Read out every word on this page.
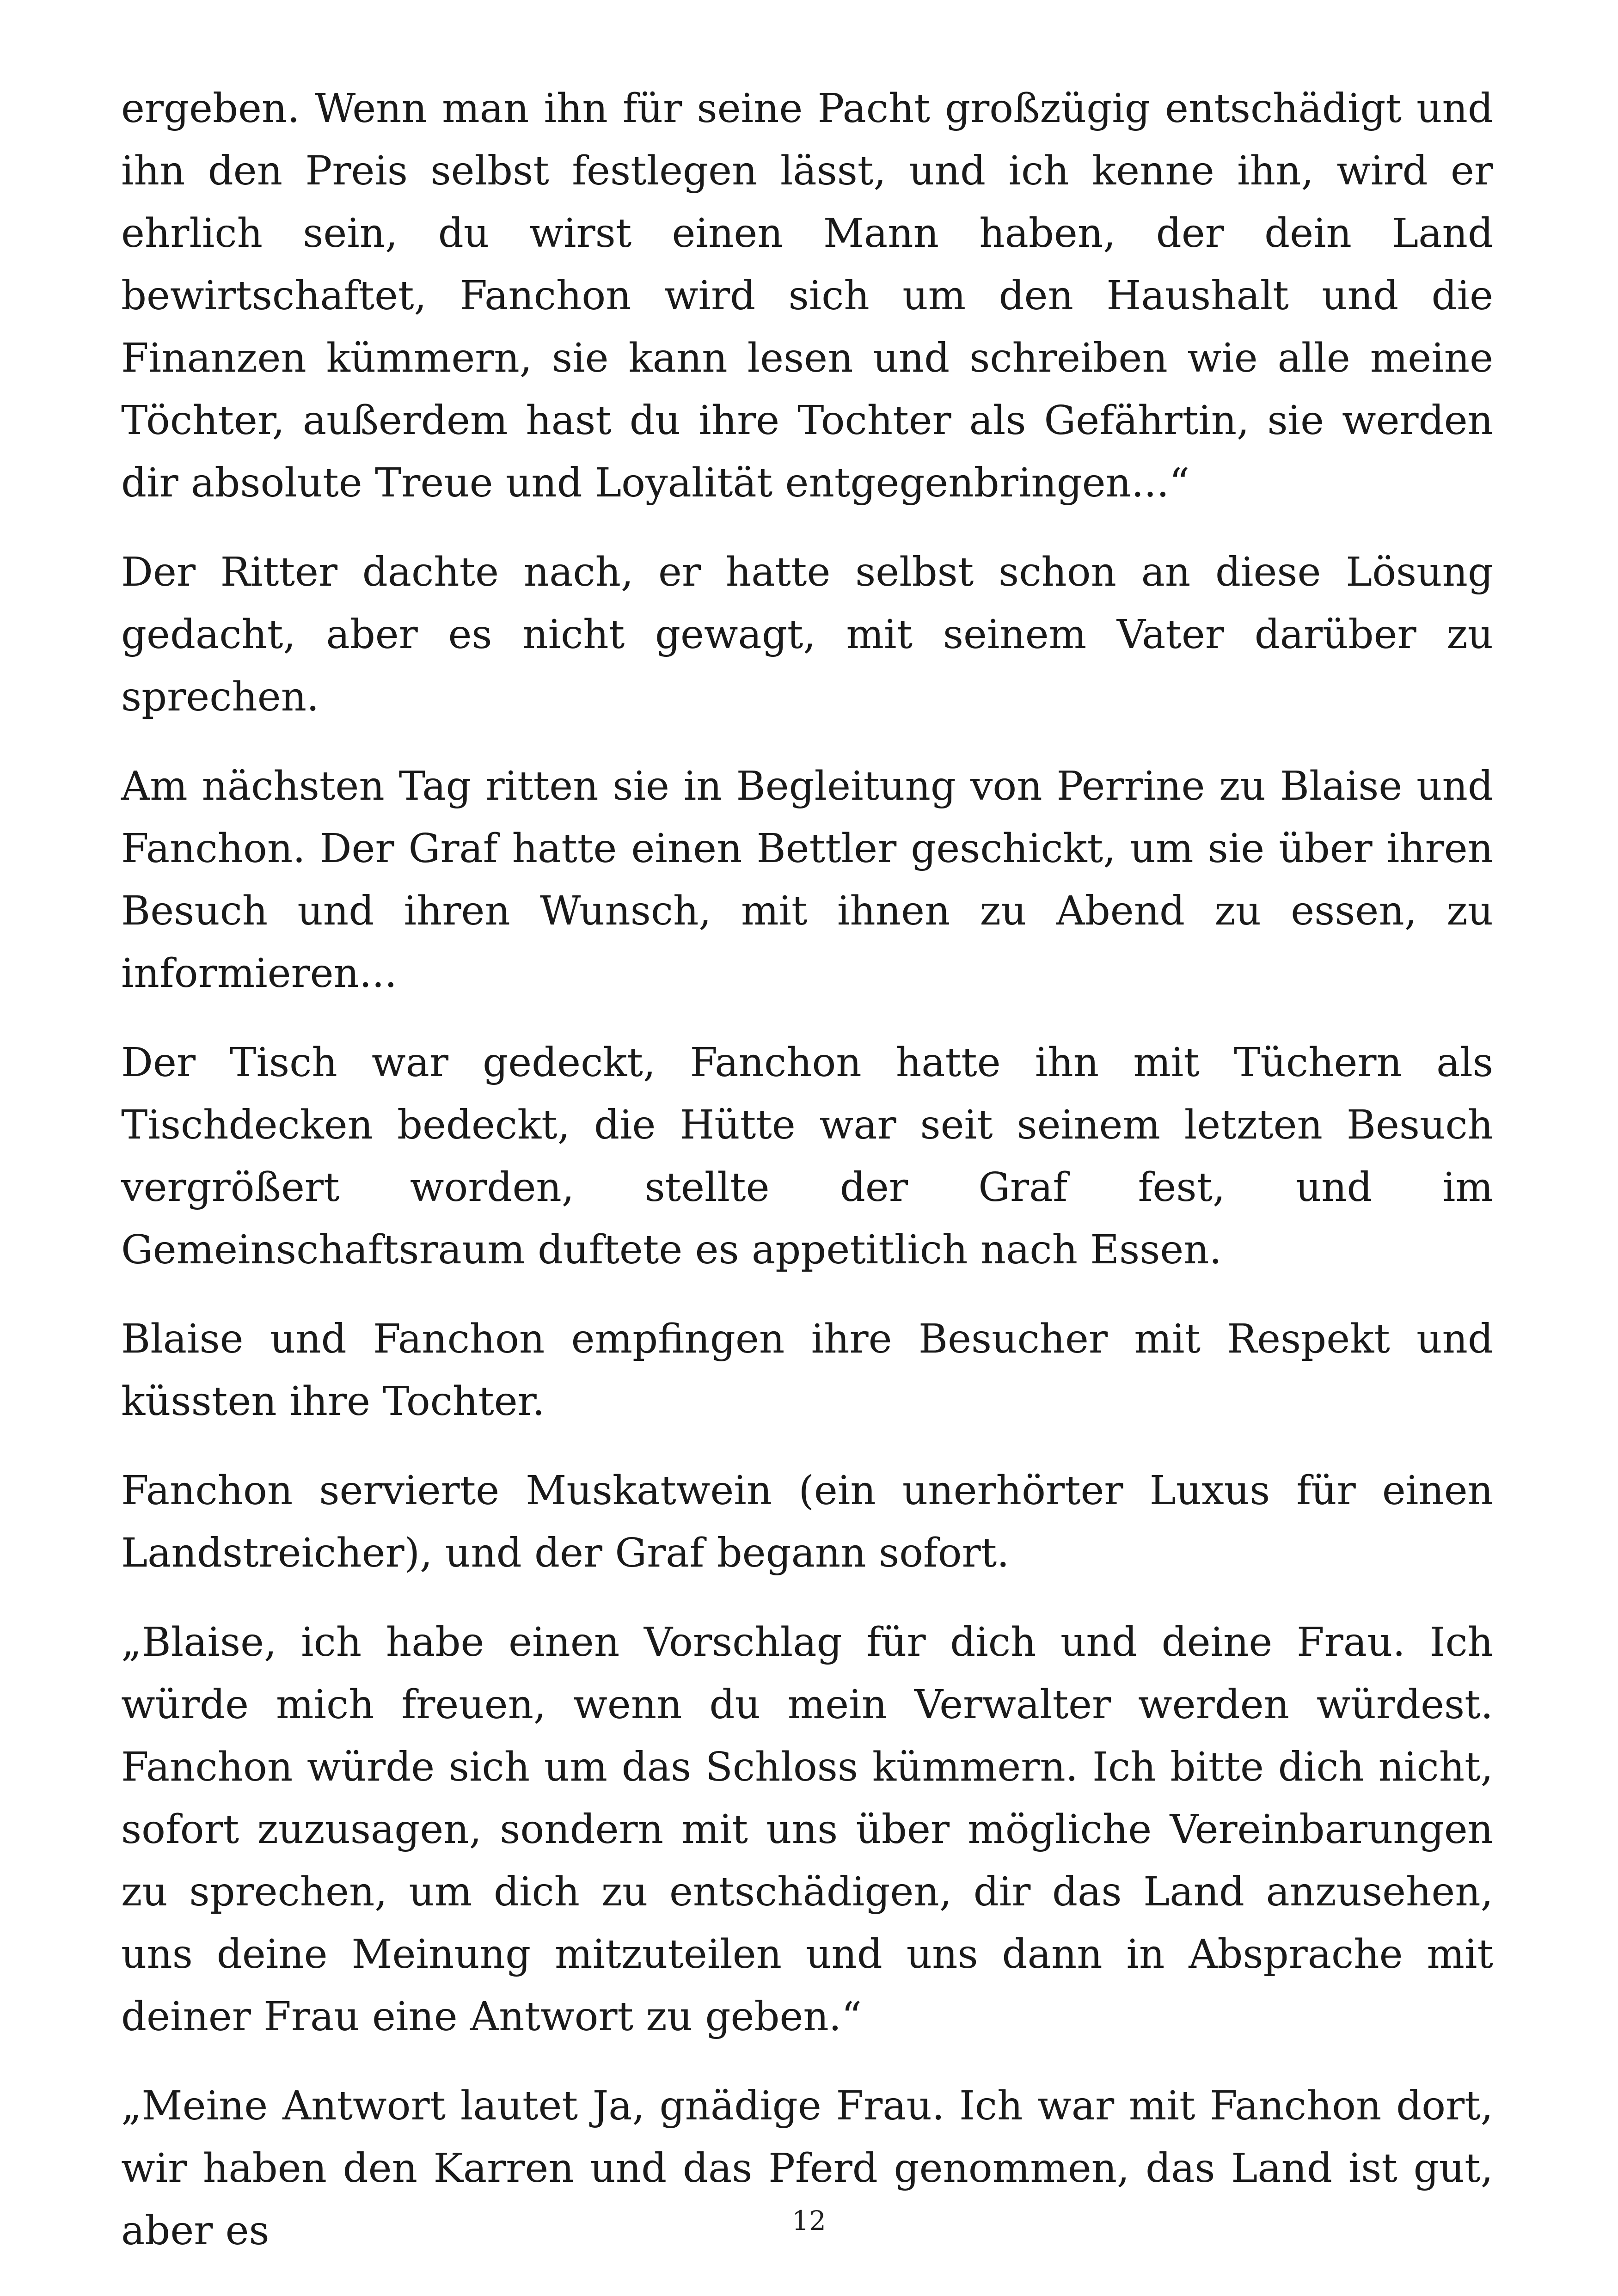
ergeben. Wenn man ihn für seine Pacht großzügig entschädigt und ihn den Preis selbst festlegen lässt, und ich kenne ihn, wird er ehrlich sein, du wirst einen Mann haben, der dein Land bewirtschaftet, Fanchon wird sich um den Haushalt und die Finanzen kümmern, sie kann lesen und schreiben wie alle meine Töchter, außerdem hast du ihre Tochter als Gefährtin, sie werden dir absolute Treue und Loyalität entgegenbringen...“

Der Ritter dachte nach, er hatte selbst schon an diese Lösung gedacht, aber es nicht gewagt, mit seinem Vater darüber zu sprechen.

Am nächsten Tag ritten sie in Begleitung von Perrine zu Blaise und Fanchon. Der Graf hatte einen Bettler geschickt, um sie über ihren Besuch und ihren Wunsch, mit ihnen zu Abend zu essen, zu informieren...

Der Tisch war gedeckt, Fanchon hatte ihn mit Tüchern als Tischdecken bedeckt, die Hütte war seit seinem letzten Besuch vergrößert worden, stellte der Graf fest, und im Gemeinschaftsraum duftete es appetitlich nach Essen.

Blaise und Fanchon empfingen ihre Besucher mit Respekt und küssten ihre Tochter.

Fanchon servierte Muskatwein (ein unerhörter Luxus für einen Landstreicher), und der Graf begann sofort.

„Blaise, ich habe einen Vorschlag für dich und deine Frau. Ich würde mich freuen, wenn du mein Verwalter werden würdest. Fanchon würde sich um das Schloss kümmern. Ich bitte dich nicht, sofort zuzusagen, sondern mit uns über mögliche Vereinbarungen zu sprechen, um dich zu entschädigen, dir das Land anzusehen, uns deine Meinung mitzuteilen und uns dann in Absprache mit deiner Frau eine Antwort zu geben.“

„Meine Antwort lautet Ja, gnädige Frau. Ich war mit Fanchon dort, wir haben den Karren und das Pferd genommen, das Land ist gut, aber es	12
